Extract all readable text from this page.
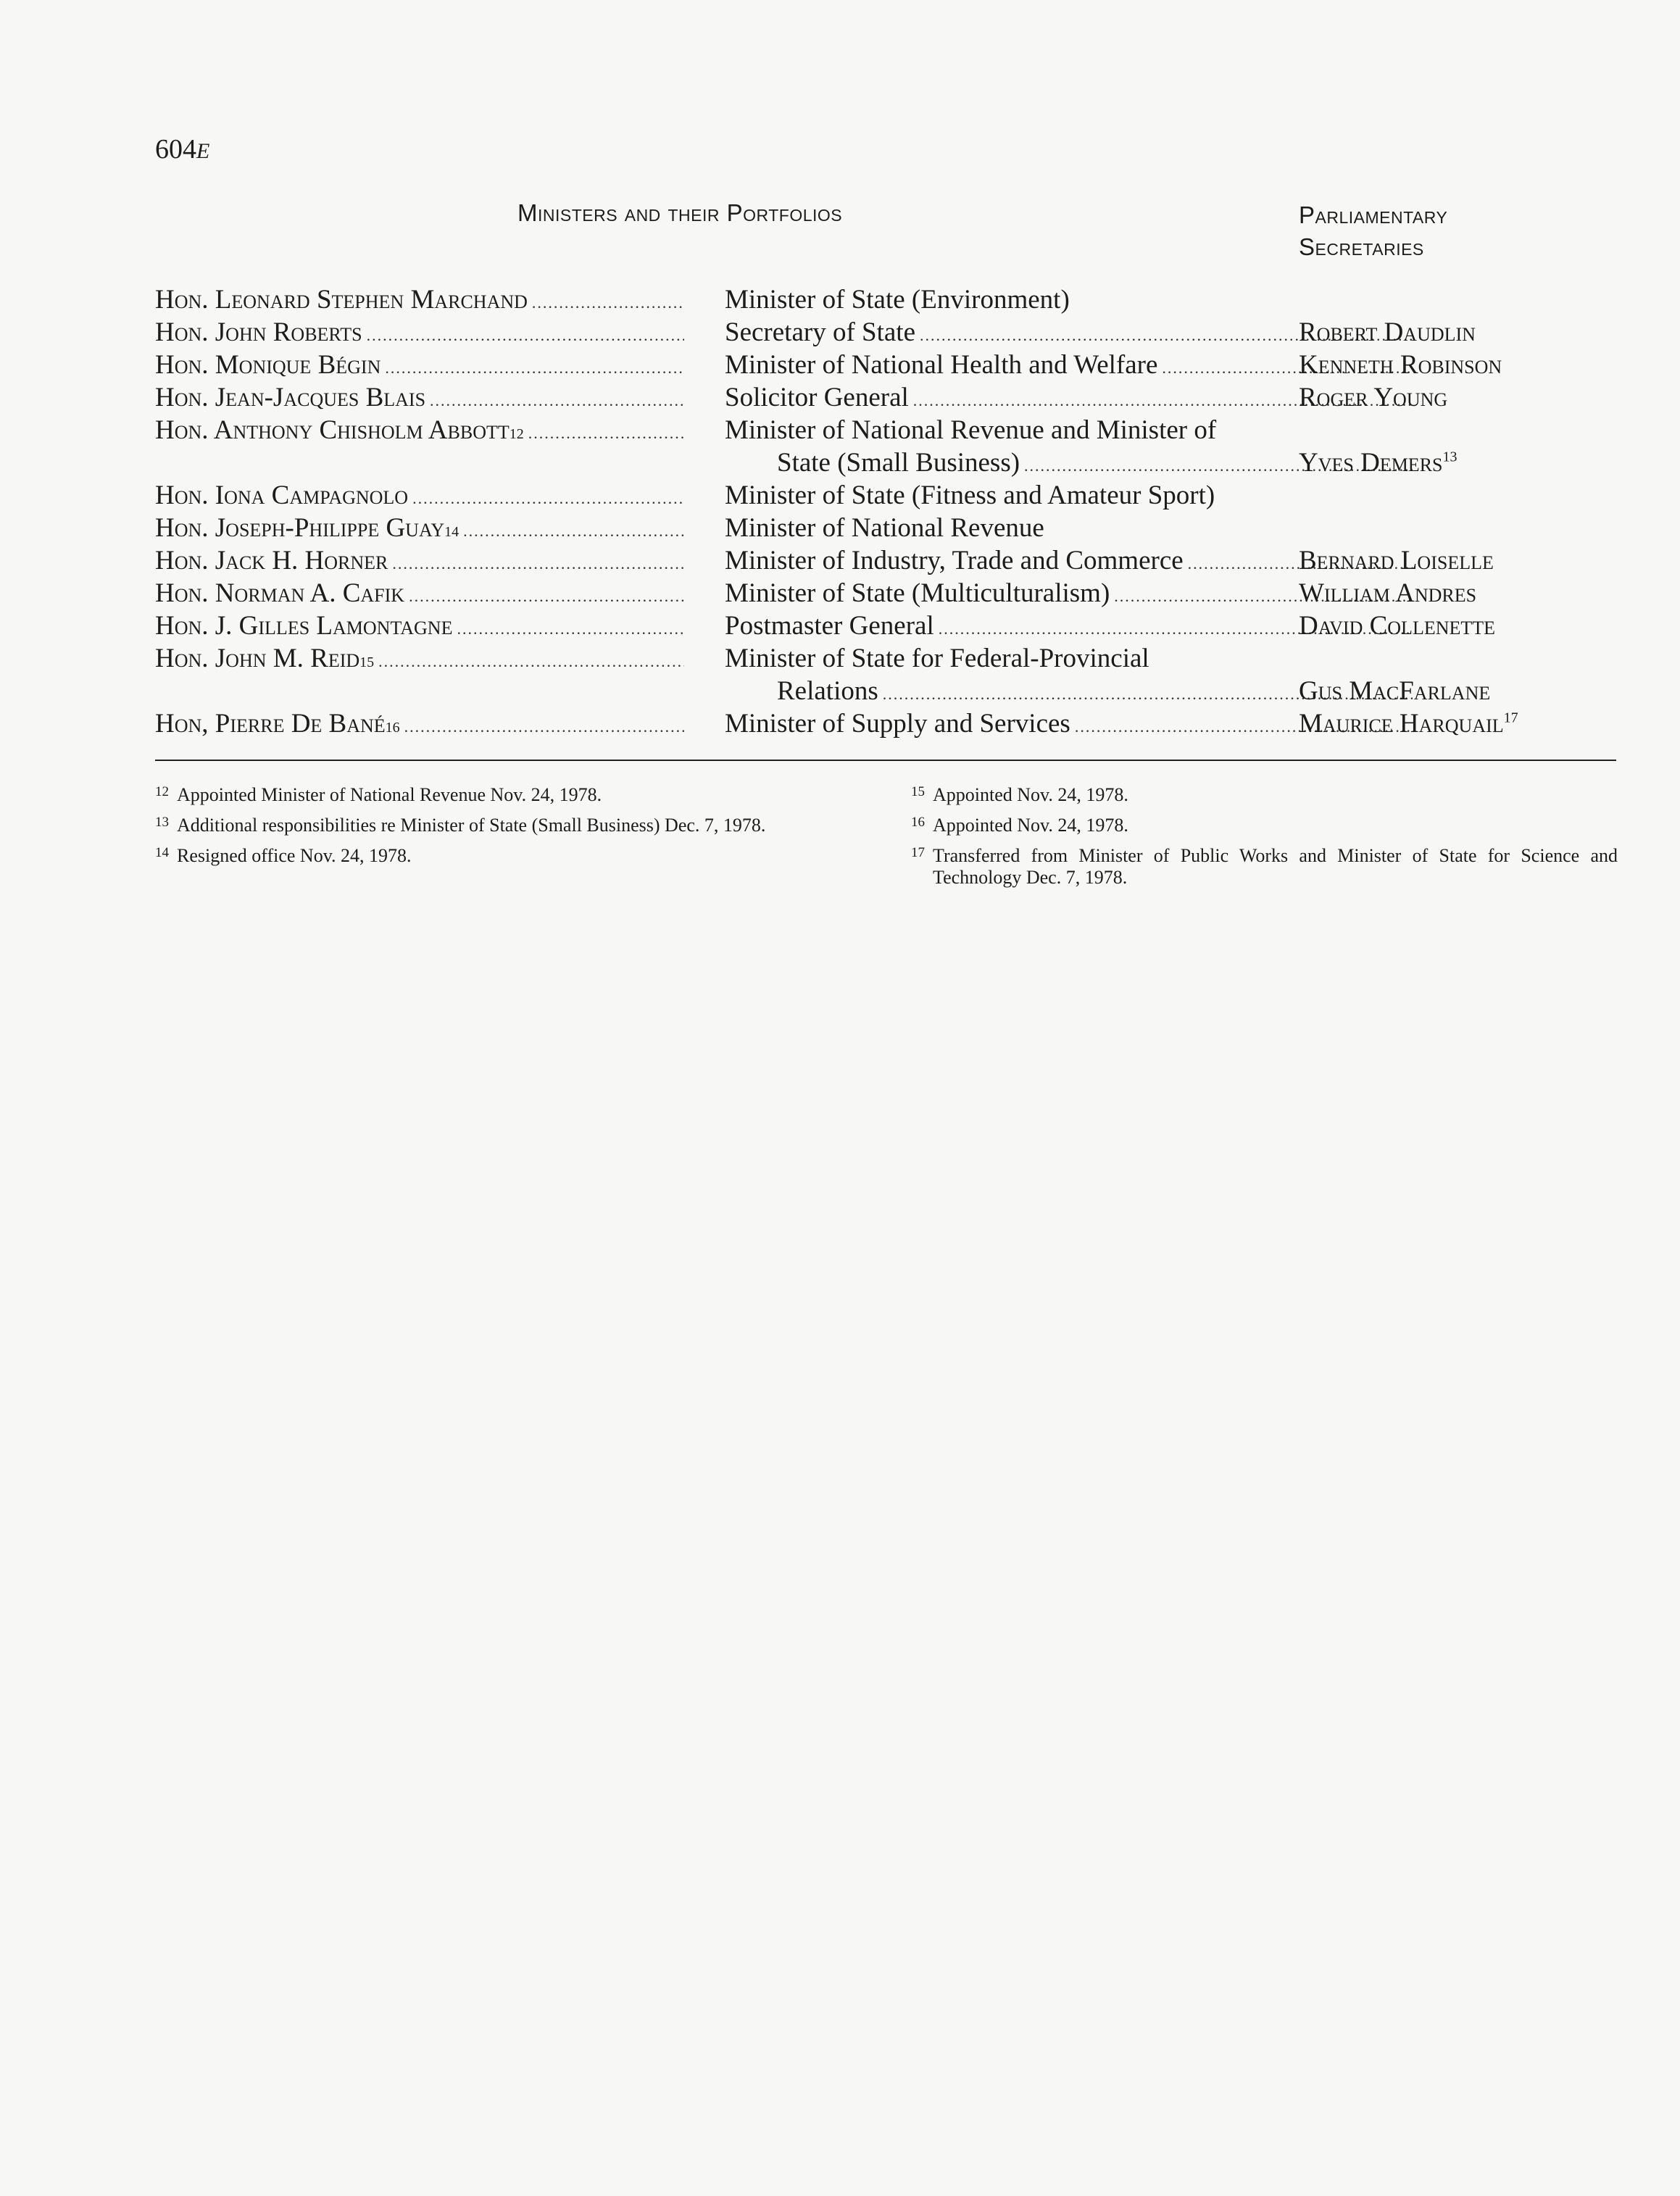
604E
Ministers and their Portfolios	Parliamentary
Secretaries
Hon. Leonard Stephen Marchand .....	Minister of State (Environment)
Hon. John Roberts .....	Secretary of State .....	Robert Daudlin
Hon. Monique Bégin .....	Minister of National Health and Welfare .....	Kenneth Robinson
Hon. Jean-Jacques Blais .....	Solicitor General .....	Roger Young
Hon. Anthony Chisholm Abbott 12 .....	Minister of National Revenue and Minister of
State (Small Business) .....	Yves Demers$^{13}$
Hon. Iona Campagnolo .....	Minister of State (Fitness and Amateur Sport)
Hon. Joseph-Philippe Guay 14 .....	Minister of National Revenue
Hon. Jack H. Horner .....	Minister of Industry, Trade and Commerce .....	Bernard Loiselle
Hon. Norman A. Cafik .....	Minister of State (Multiculturalism) .....	William Andres
Hon. J. Gilles Lamontagne .....	Postmaster General .....	David Collenette
Hon. John M. Reid 15 .....	Minister of State for Federal-Provincial
Relations .....	Gus MacFarlane
Hon, Pierre De Bané 16 .....	Minister of Supply and Services .....	Maurice Harquail$^{17}$
12 Appointed Minister of National Revenue Nov. 24, 1978.
13 Additional responsibilities re Minister of State (Small Business) Dec. 7, 1978.
14 Resigned office Nov. 24, 1978.
15 Appointed Nov. 24, 1978.
16 Appointed Nov. 24, 1978.
17 Transferred from Minister of Public Works and Minister of State for Science and Technology Dec. 7, 1978.
